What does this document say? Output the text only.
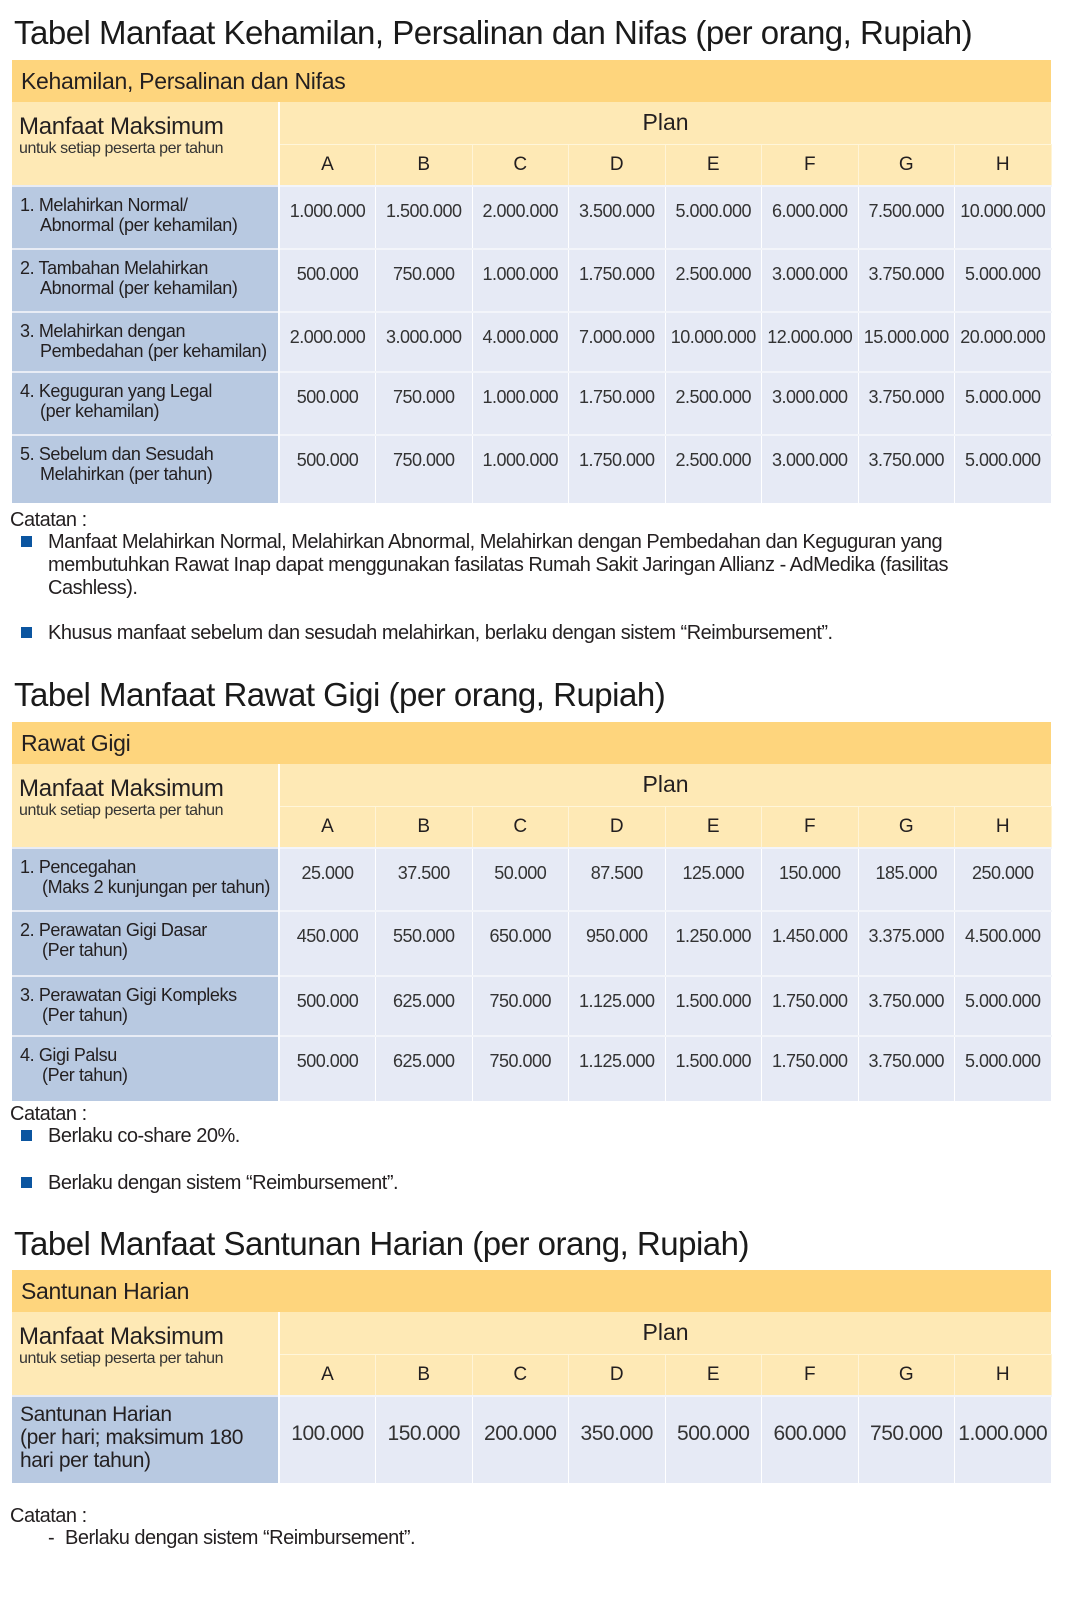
Tabel Manfaat Kehamilan, Persalinan dan Nifas (per orang, Rupiah)
Kehamilan, Persalinan dan Nifas
Manfaat Maksimum
untuk setiap peserta per tahun	Plan							
	A	B	C	D	E	F	G	H
1. Melahirkan Normal/
Abnormal (per kehamilan)	1.000.000	1.500.000	2.000.000	3.500.000	5.000.000	6.000.000	7.500.000	10.000.000
2. Tambahan Melahirkan
Abnormal (per kehamilan)	500.000	750.000	1.000.000	1.750.000	2.500.000	3.000.000	3.750.000	5.000.000
3. Melahirkan dengan
Pembedahan (per kehamilan)	2.000.000	3.000.000	4.000.000	7.000.000	10.000.000	12.000.000	15.000.000	20.000.000
4. Keguguran yang Legal
(per kehamilan)	500.000	750.000	1.000.000	1.750.000	2.500.000	3.000.000	3.750.000	5.000.000
5. Sebelum dan Sesudah
Melahirkan (per tahun)	500.000	750.000	1.000.000	1.750.000	2.500.000	3.000.000	3.750.000	5.000.000
Catatan :
Manfaat Melahirkan Normal, Melahirkan Abnormal, Melahirkan dengan Pembedahan dan Keguguran yang membutuhkan Rawat Inap dapat menggunakan fasilatas Rumah Sakit Jaringan Allianz - AdMedika (fasilitas Cashless).
Khusus manfaat sebelum dan sesudah melahirkan, berlaku dengan sistem “Reimbursement”.
Tabel Manfaat Rawat Gigi (per orang, Rupiah)
Rawat Gigi
Manfaat Maksimum
untuk setiap peserta per tahun	Plan							
	A	B	C	D	E	F	G	H
1. Pencegahan
(Maks 2 kunjungan per tahun)	25.000	37.500	50.000	87.500	125.000	150.000	185.000	250.000
2. Perawatan Gigi Dasar
(Per tahun)	450.000	550.000	650.000	950.000	1.250.000	1.450.000	3.375.000	4.500.000
3. Perawatan Gigi Kompleks
(Per tahun)	500.000	625.000	750.000	1.125.000	1.500.000	1.750.000	3.750.000	5.000.000
4. Gigi Palsu
(Per tahun)	500.000	625.000	750.000	1.125.000	1.500.000	1.750.000	3.750.000	5.000.000
Catatan :
Berlaku co-share 20%.
Berlaku dengan sistem “Reimbursement”.
Tabel Manfaat Santunan Harian (per orang, Rupiah)
Santunan Harian
Manfaat Maksimum
untuk setiap peserta per tahun	Plan							
	A	B	C	D	E	F	G	H

Santunan Harian
(per hari; maksimum 180
hari per tahun)	100.000	150.000	200.000	350.000	500.000	600.000	750.000	1.000.000
Catatan :
- Berlaku dengan sistem “Reimbursement”.
